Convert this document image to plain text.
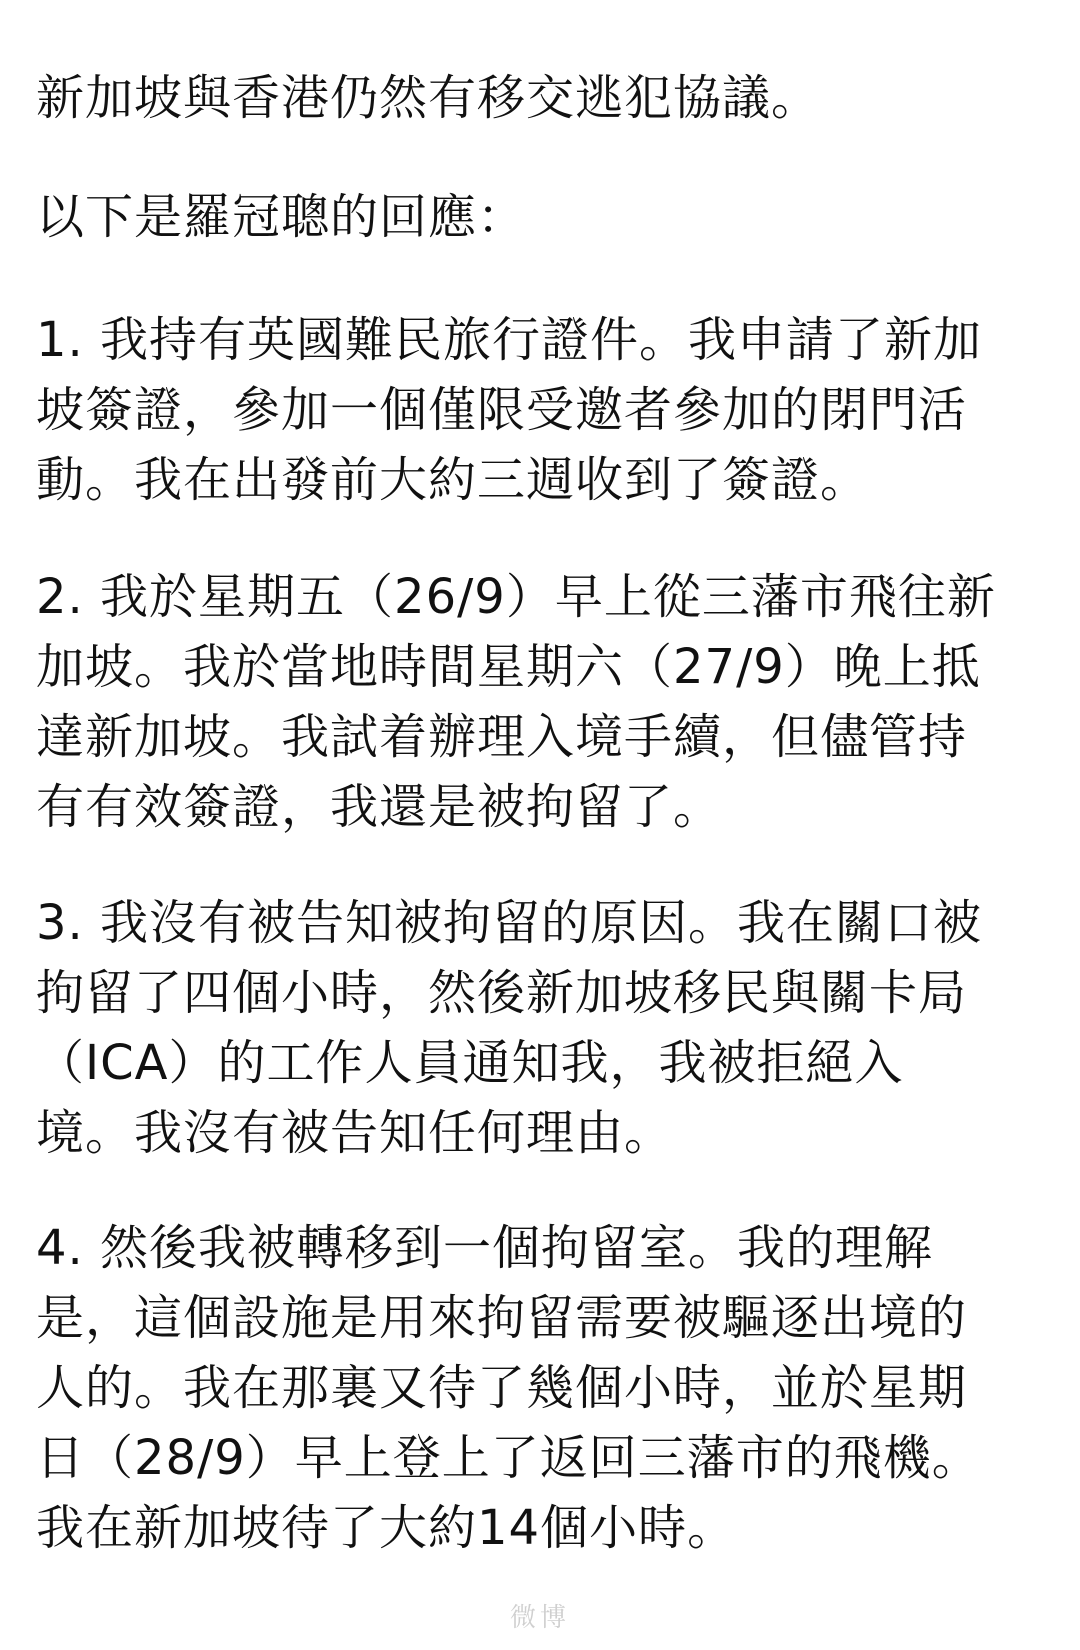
新加坡與香港仍然有移交逃犯協議。
以下是羅冠聰的回應：
1. 我持有英國難民旅行證件。我申請了新加
坡簽證，參加一個僅限受邀者參加的閉門活
動。我在出發前大約三週收到了簽證。
2. 我於星期五（26/9）早上從三藩市飛往新
加坡。我於當地時間星期六（27/9）晚上抵
達新加坡。我試着辦理入境手續，但儘管持
有有效簽證，我還是被拘留了。
3. 我沒有被告知被拘留的原因。我在關口被
拘留了四個小時，然後新加坡移民與關卡局
（ICA）的工作人員通知我，我被拒絕入
境。我沒有被告知任何理由。
4. 然後我被轉移到一個拘留室。我的理解
是，這個設施是用來拘留需要被驅逐出境的
人的。我在那裏又待了幾個小時，並於星期
日（28/9）早上登上了返回三藩市的飛機。
我在新加坡待了大約14個小時。
微博
